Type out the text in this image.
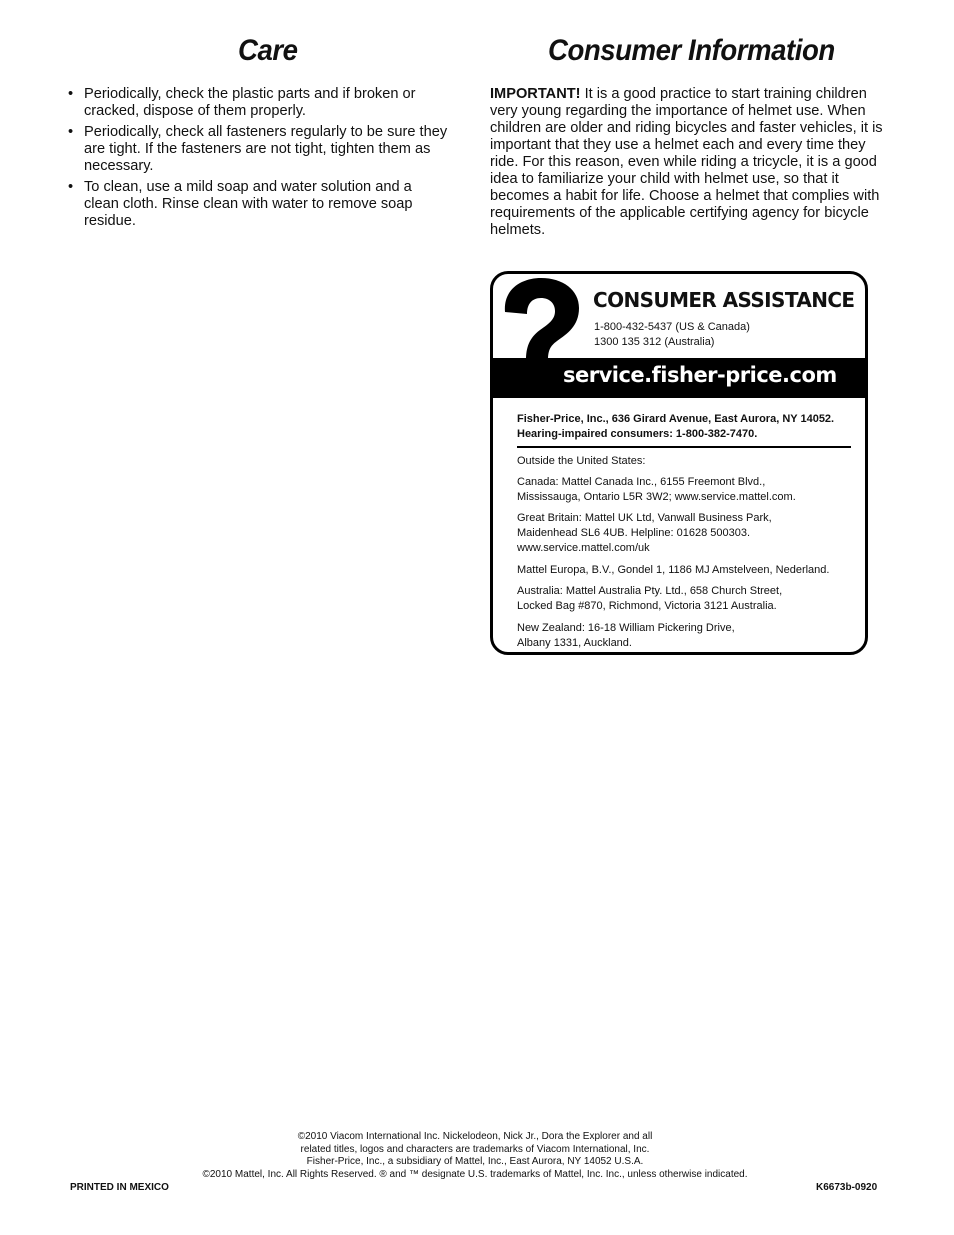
Care	Consumer Information
• Periodically, check the plastic parts and if broken or cracked, dispose of them properly.
• Periodically, check all fasteners regularly to be sure they are tight. If the fasteners are not tight, tighten them as necessary.
• To clean, use a mild soap and water solution and a clean cloth. Rinse clean with water to remove soap residue.

IMPORTANT! It is a good practice to start training children very young regarding the importance of helmet use. When children are older and riding bicycles and faster vehicles, it is important that they use a helmet each and every time they ride. For this reason, even while riding a tricycle, it is a good idea to familiarize your child with helmet use, so that it becomes a habit for life. Choose a helmet that complies with requirements of the applicable certifying agency for bicycle helmets.

CONSUMER ASSISTANCE
1-800-432-5437 (US & Canada)
1300 135 312 (Australia)
service.fisher-price.com
Fisher-Price, Inc., 636 Girard Avenue, East Aurora, NY 14052.
Hearing-impaired consumers: 1-800-382-7470.
Outside the United States:
Canada: Mattel Canada Inc., 6155 Freemont Blvd.,
Mississauga, Ontario L5R 3W2; www.service.mattel.com.
Great Britain: Mattel UK Ltd, Vanwall Business Park,
Maidenhead SL6 4UB. Helpline: 01628 500303.
www.service.mattel.com/uk
Mattel Europa, B.V., Gondel 1, 1186 MJ Amstelveen, Nederland.
Australia: Mattel Australia Pty. Ltd., 658 Church Street,
Locked Bag #870, Richmond, Victoria 3121 Australia.
New Zealand: 16-18 William Pickering Drive,
Albany 1331, Auckland.
©2010 Viacom International Inc. Nickelodeon, Nick Jr., Dora the Explorer and all
related titles, logos and characters are trademarks of Viacom International, Inc.
Fisher-Price, Inc., a subsidiary of Mattel, Inc., East Aurora, NY 14052 U.S.A.
©2010 Mattel, Inc. All Rights Reserved. ® and ™ designate U.S. trademarks of Mattel, Inc. Inc., unless otherwise indicated.
PRINTED IN MEXICO	K6673b-0920
